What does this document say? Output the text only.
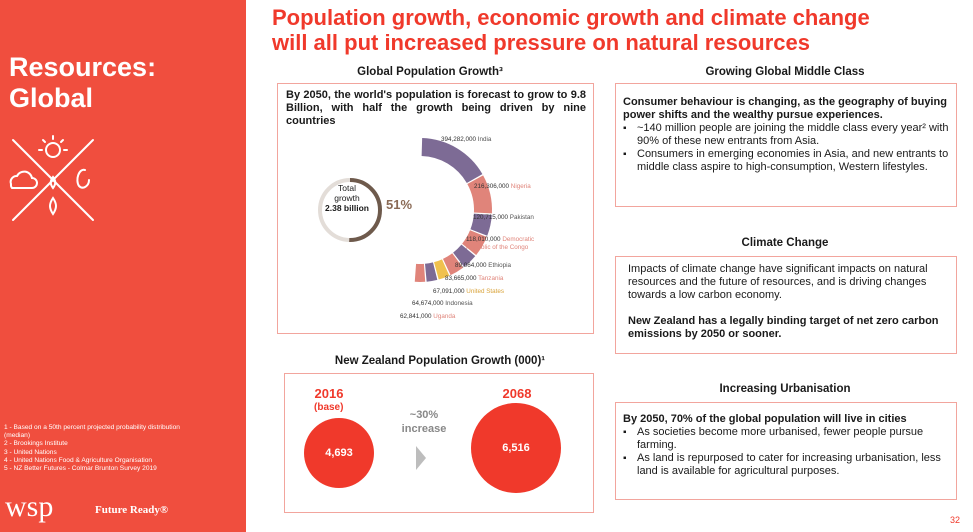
Resources:
Global
1 - Based on a 50th percent projected probability distribution
(median)
2 - Brookings Institute
3 - United Nations
4 - United Nations Food & Agriculture Organisation
5 - NZ Better Futures - Colmar Brunton Survey 2019
wsp	Future Ready®
Population growth, economic growth and climate change
will all put increased pressure on natural resources
Global Population Growth³
By 2050, the world's population is forecast to grow to 9.8 Billion, with half the growth being driven by nine countries
Total
growth
2.38 billion	51%
394,282,000 India
216,306,000 Nigeria
120,715,000 Pakistan
118,010,000 Democratic Republic of the Congo
89,064,000 Ethiopia
83,665,000 Tanzania
67,091,000 United States
64,674,000 Indonesia
62,841,000 Uganda
New Zealand Population Growth (000)¹
2016
(base)
4,693
~30%
increase
2068
6,516
Growing Global Middle Class
Consumer behaviour is changing, as the geography of buying power shifts and the wealthy pursue experiences.
▪ ~140 million people are joining the middle class every year² with 90% of these new entrants from Asia.
▪ Consumers in emerging economies in Asia, and new entrants to middle class aspire to high-consumption, Western lifestyles.
Climate Change
Impacts of climate change have significant impacts on natural resources and the future of resources, and is driving changes towards a low carbon economy.
New Zealand has a legally binding target of net zero carbon emissions by 2050 or sooner.
Increasing Urbanisation
By 2050, 70% of the global population will live in cities
▪ As societies become more urbanised, fewer people pursue farming.
▪ As land is repurposed to cater for increasing urbanisation, less land is available for agricultural purposes.
32
